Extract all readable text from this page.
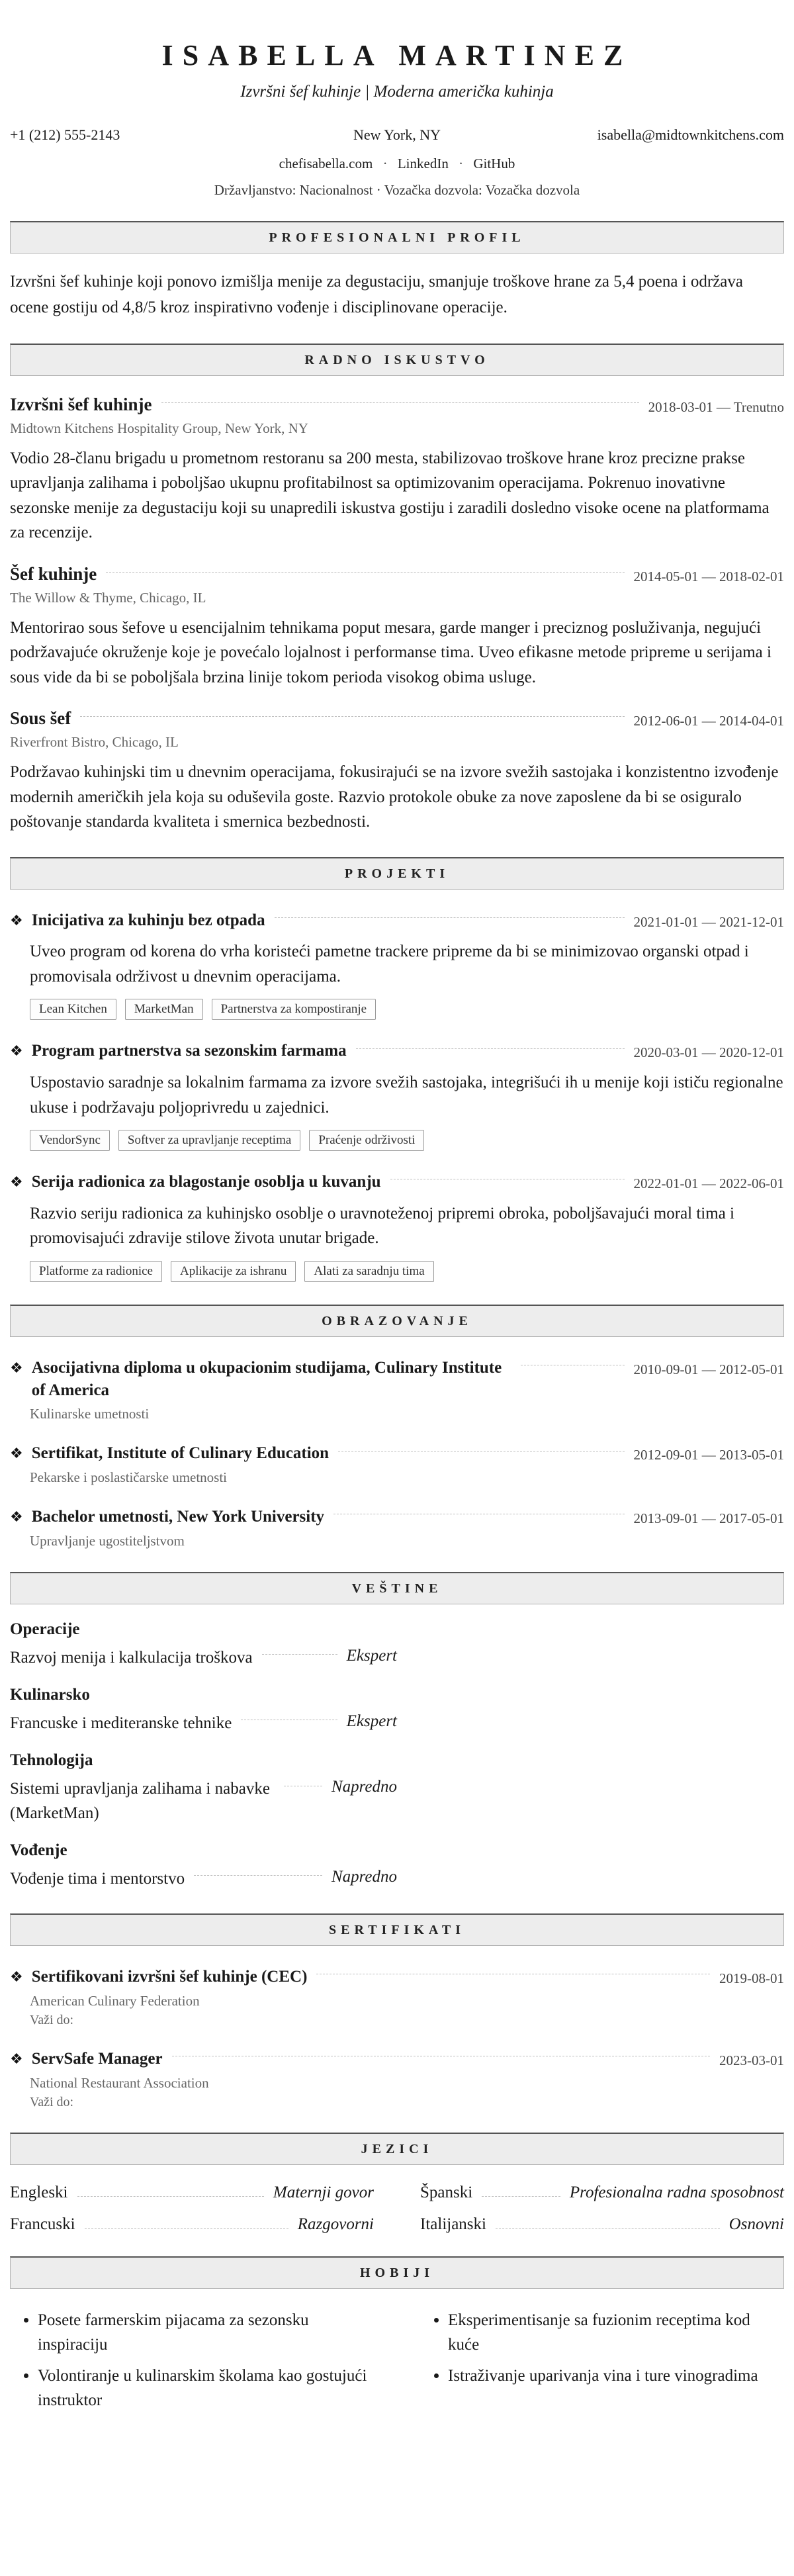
ISABELLA MARTINEZ
Izvršni šef kuhinje | Moderna američka kuhinja
+1 (212) 555-2143	New York, NY	isabella@midtownkitchens.com
chefisabella.com · LinkedIn · GitHub
Državljanstvo: Nacionalnost · Vozačka dozvola: Vozačka dozvola
PROFESIONALNI PROFIL

Izvršni šef kuhinje koji ponovo izmišlja menije za degustaciju, smanjuje troškove hrane za 5,4 poena i održava ocene gostiju od 4,8/5 kroz inspirativno vođenje i disciplinovane operacije.

RADNO ISKUSTVO
Izvršni šef kuhinje	2018-03-01 — Trenutno
Midtown Kitchens Hospitality Group, New York, NY

Vodio 28-članu brigadu u prometnom restoranu sa 200 mesta, stabilizovao troškove hrane kroz precizne prakse upravljanja zalihama i poboljšao ukupnu profitabilnost sa optimizovanim operacijama. Pokrenuo inovativne sezonske menije za degustaciju koji su unapredili iskustva gostiju i zaradili dosledno visoke ocene na platformama za recenzije.

Šef kuhinje	2014-05-01 — 2018-02-01
The Willow & Thyme, Chicago, IL

Mentorirao sous šefove u esencijalnim tehnikama poput mesara, garde manger i preciznog posluživanja, negujući podržavajuće okruženje koje je povećalo lojalnost i performanse tima. Uveo efikasne metode pripreme u serijama i sous vide da bi se poboljšala brzina linije tokom perioda visokog obima usluge.

Sous šef	2012-06-01 — 2014-04-01
Riverfront Bistro, Chicago, IL

Podržavao kuhinjski tim u dnevnim operacijama, fokusirajući se na izvore svežih sastojaka i konzistentno izvođenje modernih američkih jela koja su oduševila goste. Razvio protokole obuke za nove zaposlene da bi se osiguralo poštovanje standarda kvaliteta i smernica bezbednosti.

PROJEKTI
❖ Inicijativa za kuhinju bez otpada	2021-01-01 — 2021-12-01

Uveo program od korena do vrha koristeći pametne trackere pripreme da bi se minimizovao organski otpad i promovisala održivost u dnevnim operacijama.

Lean Kitchen	MarketMan	Partnerstva za kompostiranje
❖ Program partnerstva sa sezonskim farmama	2020-03-01 — 2020-12-01

Uspostavio saradnje sa lokalnim farmama za izvore svežih sastojaka, integrišući ih u menije koji ističu regionalne ukuse i podržavaju poljoprivredu u zajednici.

VendorSync	Softver za upravljanje receptima	Praćenje održivosti
❖ Serija radionica za blagostanje osoblja u kuvanju	2022-01-01 — 2022-06-01

Razvio seriju radionica za kuhinjsko osoblje o uravnoteženoj pripremi obroka, poboljšavajući moral tima i promovisajući zdravije stilove života unutar brigade.

Platforme za radionice	Aplikacije za ishranu	Alati za saradnju tima
OBRAZOVANJE
❖ Asocijativna diploma u okupacionim studijama, Culinary Institute of America
2010-09-01 — 2012-05-01
Kulinarske umetnosti
❖ Sertifikat, Institute of Culinary Education	2012-09-01 — 2013-05-01
Pekarske i poslastičarske umetnosti
❖ Bachelor umetnosti, New York University	2013-09-01 — 2017-05-01
Upravljanje ugostiteljstvom
VEŠTINE
Operacije
Razvoj menija i kalkulacija troškova	Ekspert
Kulinarsko
Francuske i mediteranske tehnike	Ekspert
Tehnologija
Sistemi upravljanja zalihama i nabavke (MarketMan)
Napredno
Vođenje
Vođenje tima i mentorstvo	Napredno
SERTIFIKATI
❖ Sertifikovani izvršni šef kuhinje (CEC)	2019-08-01
American Culinary Federation
Važi do:
❖ ServSafe Manager	2023-03-01
National Restaurant Association
Važi do:
JEZICI
Engleski	Maternji govor	Španski	Profesionalna radna sposobnost
Francuski	Razgovorni	Italijanski	Osnovni
HOBIJI
• Posete farmerskim pijacama za sezonsku inspiraciju
• Volontiranje u kulinarskim školama kao gostujući instruktor
• Eksperimentisanje sa fuzionim receptima kod kuće
• Istraživanje uparivanja vina i ture vinogradima
